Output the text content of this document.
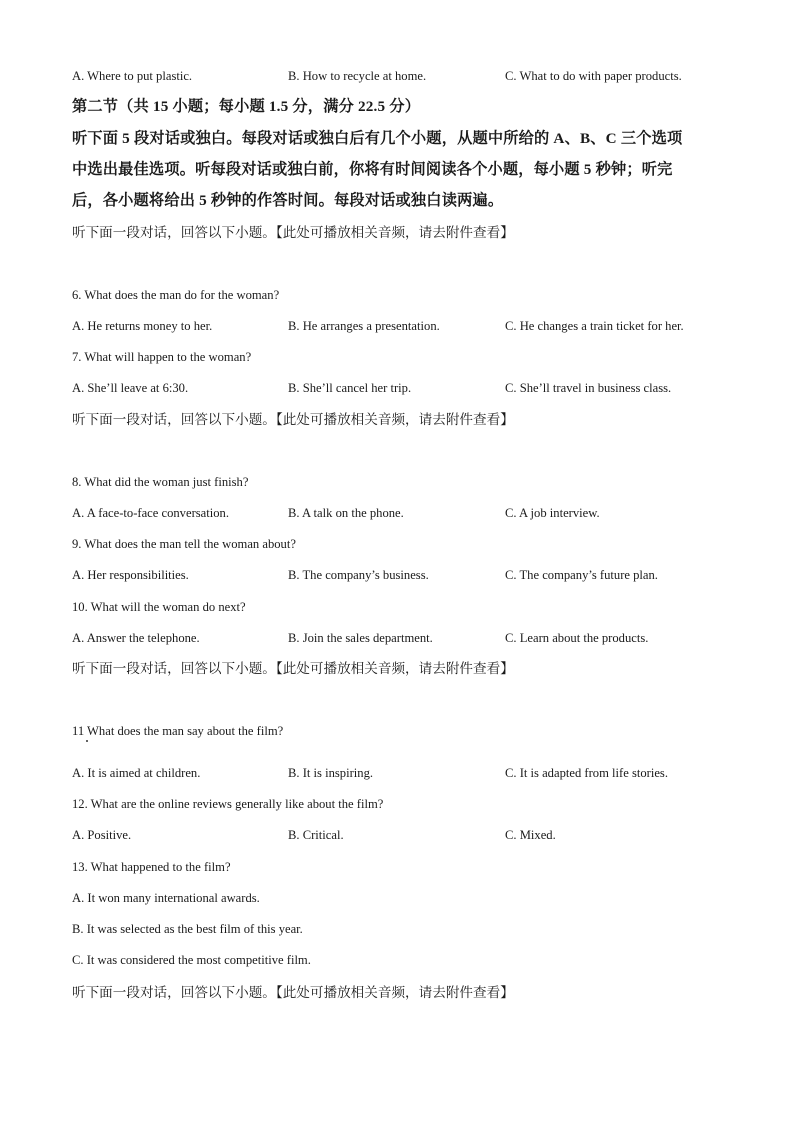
A. Where to put plastic.	B. How to recycle at home.	C. What to do with paper products.
第二节（共 15 小题；每小题 1.5 分，满分 22.5 分）
听下面 5 段对话或独白。每段对话或独白后有几个小题，从题中所给的 A、B、C 三个选项
中选出最佳选项。听每段对话或独白前，你将有时间阅读各个小题，每小题 5 秒钟；听完
后，各小题将给出 5 秒钟的作答时间。每段对话或独白读两遍。
听下面一段对话，回答以下小题。【此处可播放相关音频，请去附件查看】
6. What does the man do for the woman?
A. He returns money to her.	B. He arranges a presentation.	C. He changes a train ticket for her.
7. What will happen to the woman?
A. She’ll leave at 6:30.	B. She’ll cancel her trip.	C. She’ll travel in business class.
听下面一段对话，回答以下小题。【此处可播放相关音频，请去附件查看】
8. What did the woman just finish?
A. A face-to-face conversation.	B. A talk on the phone.	C. A job interview.
9. What does the man tell the woman about?
A. Her responsibilities.	B. The company’s business.	C. The company’s future plan.
10. What will the woman do next?
A. Answer the telephone.	B. Join the sales department.	C. Learn about the products.
听下面一段对话，回答以下小题。【此处可播放相关音频，请去附件查看】
11 What does the man say about the film?
A. It is aimed at children.	B. It is inspiring.	C. It is adapted from life stories.
12. What are the online reviews generally like about the film?
A. Positive.	B. Critical.	C. Mixed.
13. What happened to the film?
A. It won many international awards.
B. It was selected as the best film of this year.
C. It was considered the most competitive film.
听下面一段对话，回答以下小题。【此处可播放相关音频，请去附件查看】
